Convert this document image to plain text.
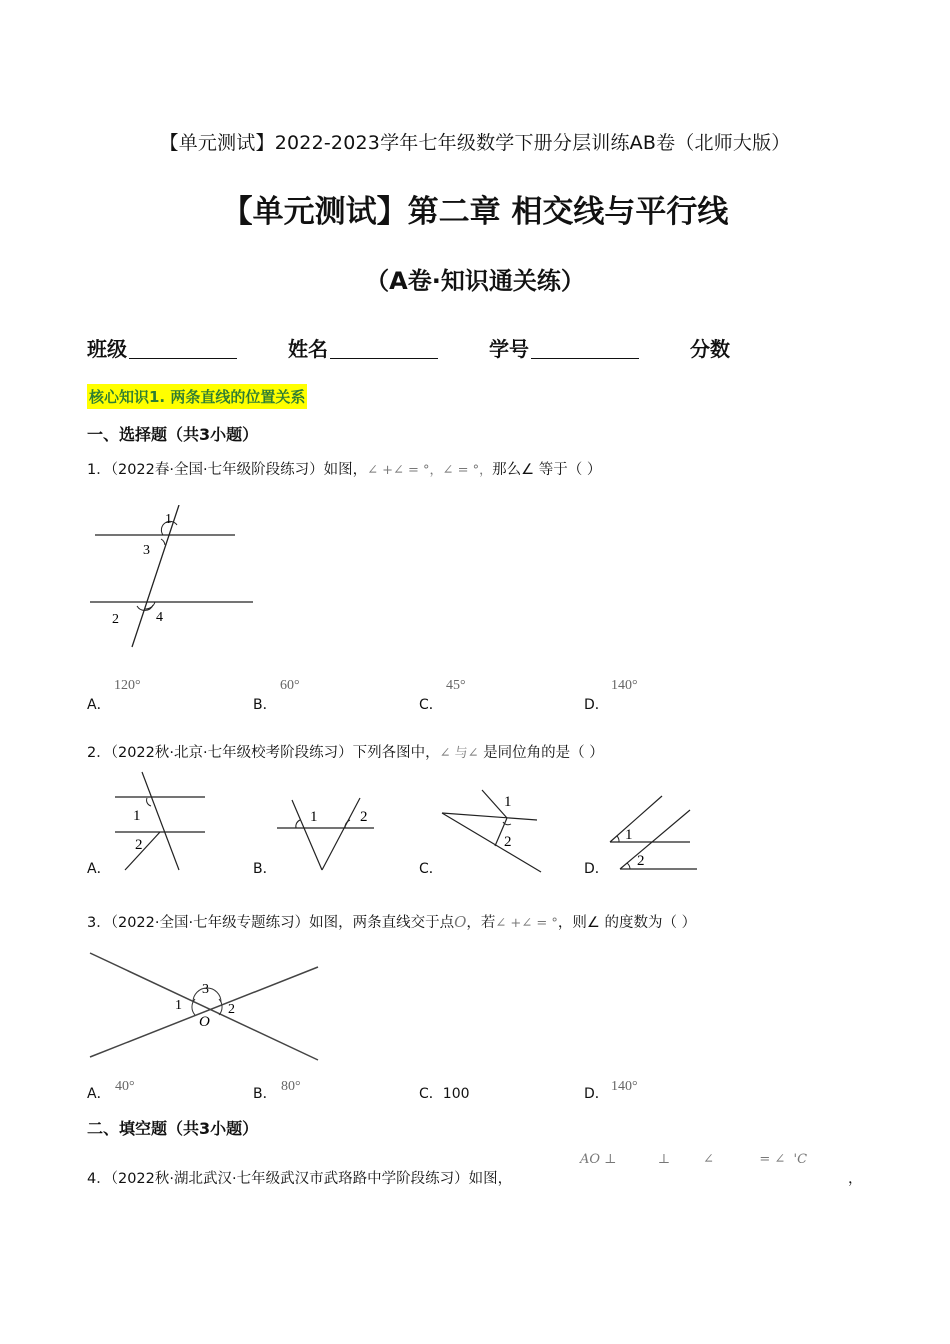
【单元测试】2022-2023学年七年级数学下册分层训练AB卷（北师大版）
【单元测试】第二章 相交线与平行线
（A卷·知识通关练）
班级	姓名	学号	分数
核心知识1. 两条直线的位置关系
一、选择题（共3小题）
1．（2022春·全国·七年级阶段练习）如图，∠ +∠ = °，∠ = °，那么∠ 等于（ ）
1
3
2	4
A．
120°
B．
60°
C．
45°
D．
140°
2．（2022秋·北京·七年级校考阶段练习）下列各图中，∠ 与∠ 是同位角的是（ ）
1
2
A．
1	2
B．
1
2
C．
1
2
D．
3．（2022·全国·七年级专题练习）如图，两条直线交于点O，若∠ +∠ = °，则∠ 的度数为（ ）
3
1	2
O
A． 40°	B． 80°	C．100	D． 140°
二、填空题（共3小题）
4．（2022秋·湖北武汉·七年级武汉市武珞路中学阶段练习）如图，
AO ⊥          ⊥        ∠           = ∠  'C
，
